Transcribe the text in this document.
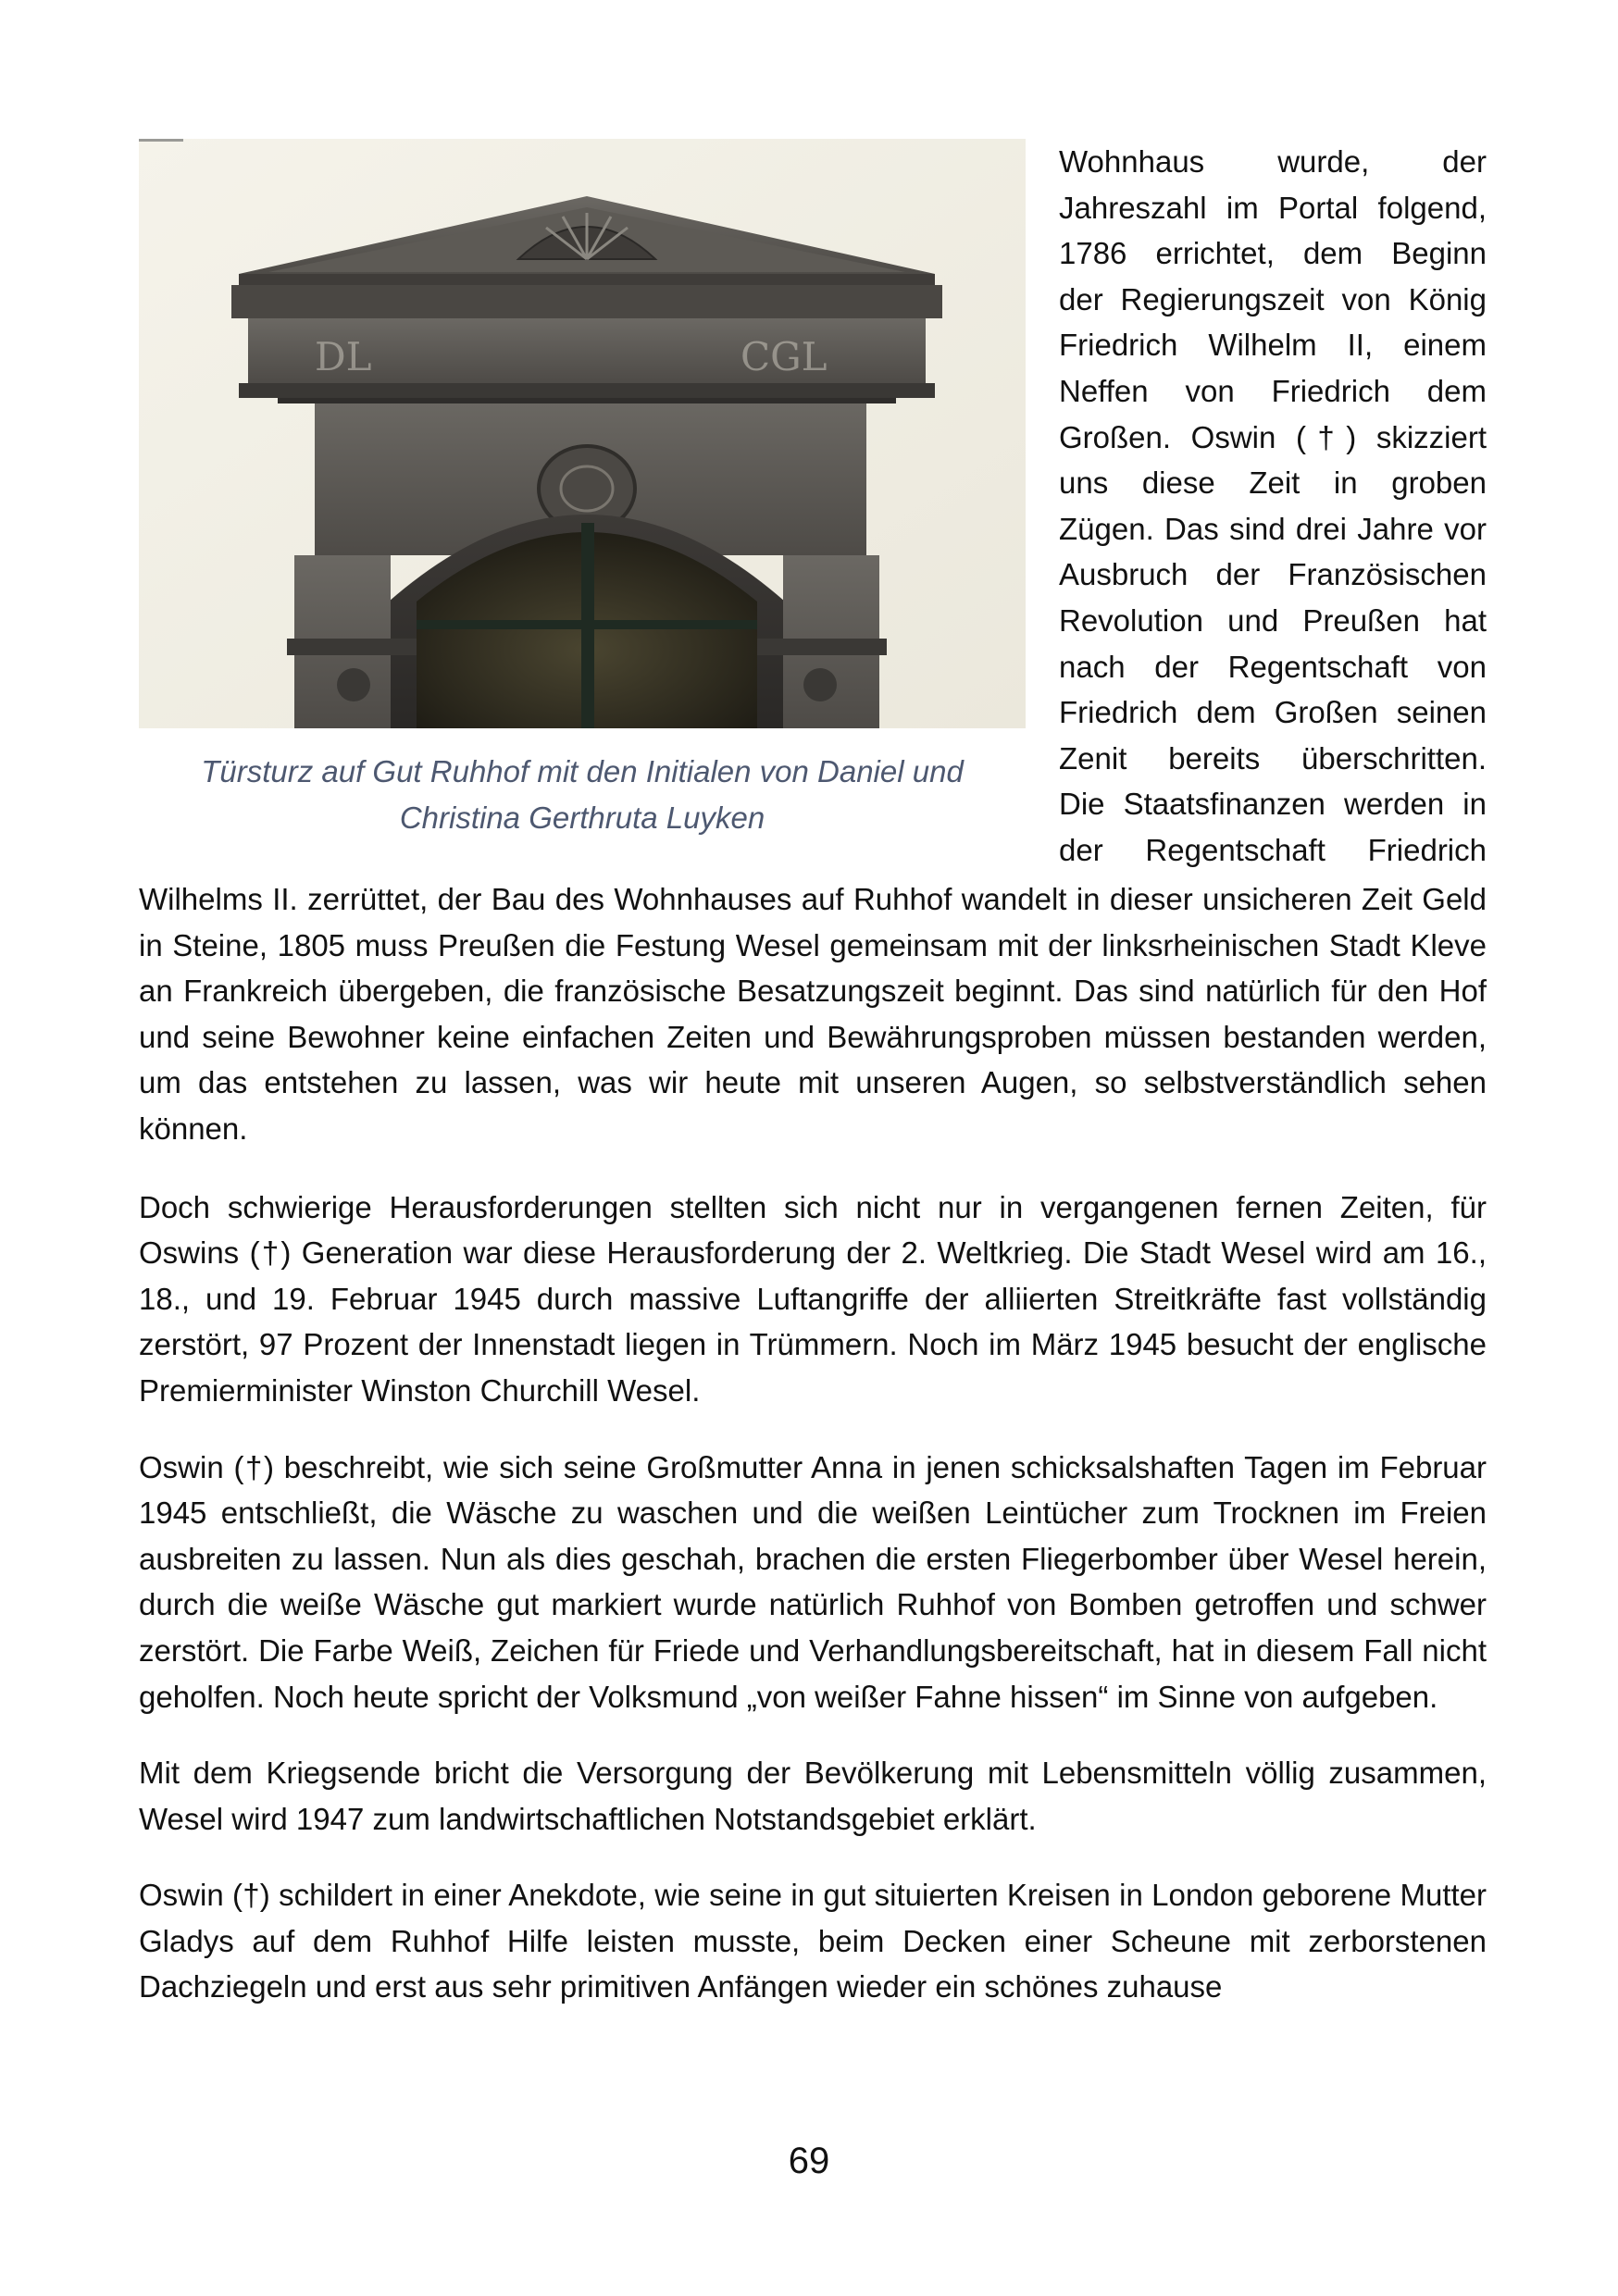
DL	CGL
Türsturz auf Gut Ruhhof mit den Initialen von Daniel und
Christina Gerthruta Luyken
Wohnhaus wurde, der
Jahreszahl im Portal folgend,
1786 errichtet, dem Beginn
der Regierungszeit von König
Friedrich Wilhelm II, einem
Neffen von Friedrich dem
Großen. Oswin (†) skizziert
uns diese Zeit in groben
Zügen. Das sind drei Jahre vor
Ausbruch der Französischen
Revolution und Preußen hat
nach der Regentschaft von
Friedrich dem Großen seinen
Zenit bereits überschritten.
Die Staatsfinanzen werden in
der Regentschaft Friedrich

Wilhelms II. zerrüttet, der Bau des Wohnhauses auf Ruhhof wandelt in dieser unsicheren Zeit Geld in Steine, 1805 muss Preußen die Festung Wesel gemeinsam mit der linksrheinischen Stadt Kleve an Frankreich übergeben, die französische Besatzungszeit beginnt. Das sind natürlich für den Hof und seine Bewohner keine einfachen Zeiten und Bewährungsproben müssen bestanden werden, um das entstehen zu lassen, was wir heute mit unseren Augen, so selbstverständlich sehen können.

Doch schwierige Herausforderungen stellten sich nicht nur in vergangenen fernen Zeiten, für Oswins (†) Generation war diese Herausforderung der 2. Weltkrieg. Die Stadt Wesel wird am 16., 18., und 19. Februar 1945 durch massive Luftangriffe der alliierten Streitkräfte fast vollständig zerstört, 97 Prozent der Innenstadt liegen in Trümmern. Noch im März 1945 besucht der englische Premierminister Winston Churchill Wesel.

Oswin (†) beschreibt, wie sich seine Großmutter Anna in jenen schicksalshaften Tagen im Februar 1945 entschließt, die Wäsche zu waschen und die weißen Leintücher zum Trocknen im Freien ausbreiten zu lassen. Nun als dies geschah, brachen die ersten Fliegerbomber über Wesel herein, durch die weiße Wäsche gut markiert wurde natürlich Ruhhof von Bomben getroffen und schwer zerstört. Die Farbe Weiß, Zeichen für Friede und Verhandlungsbereitschaft, hat in diesem Fall nicht geholfen. Noch heute spricht der Volksmund „von weißer Fahne hissen“ im Sinne von aufgeben.

Mit dem Kriegsende bricht die Versorgung der Bevölkerung mit Lebensmitteln völlig zusammen, Wesel wird 1947 zum landwirtschaftlichen Notstandsgebiet erklärt.

Oswin (†) schildert in einer Anekdote, wie seine in gut situierten Kreisen in London geborene Mutter Gladys auf dem Ruhhof Hilfe leisten musste, beim Decken einer Scheune mit zerborstenen Dachziegeln und erst aus sehr primitiven Anfängen wieder ein schönes zuhause

69
